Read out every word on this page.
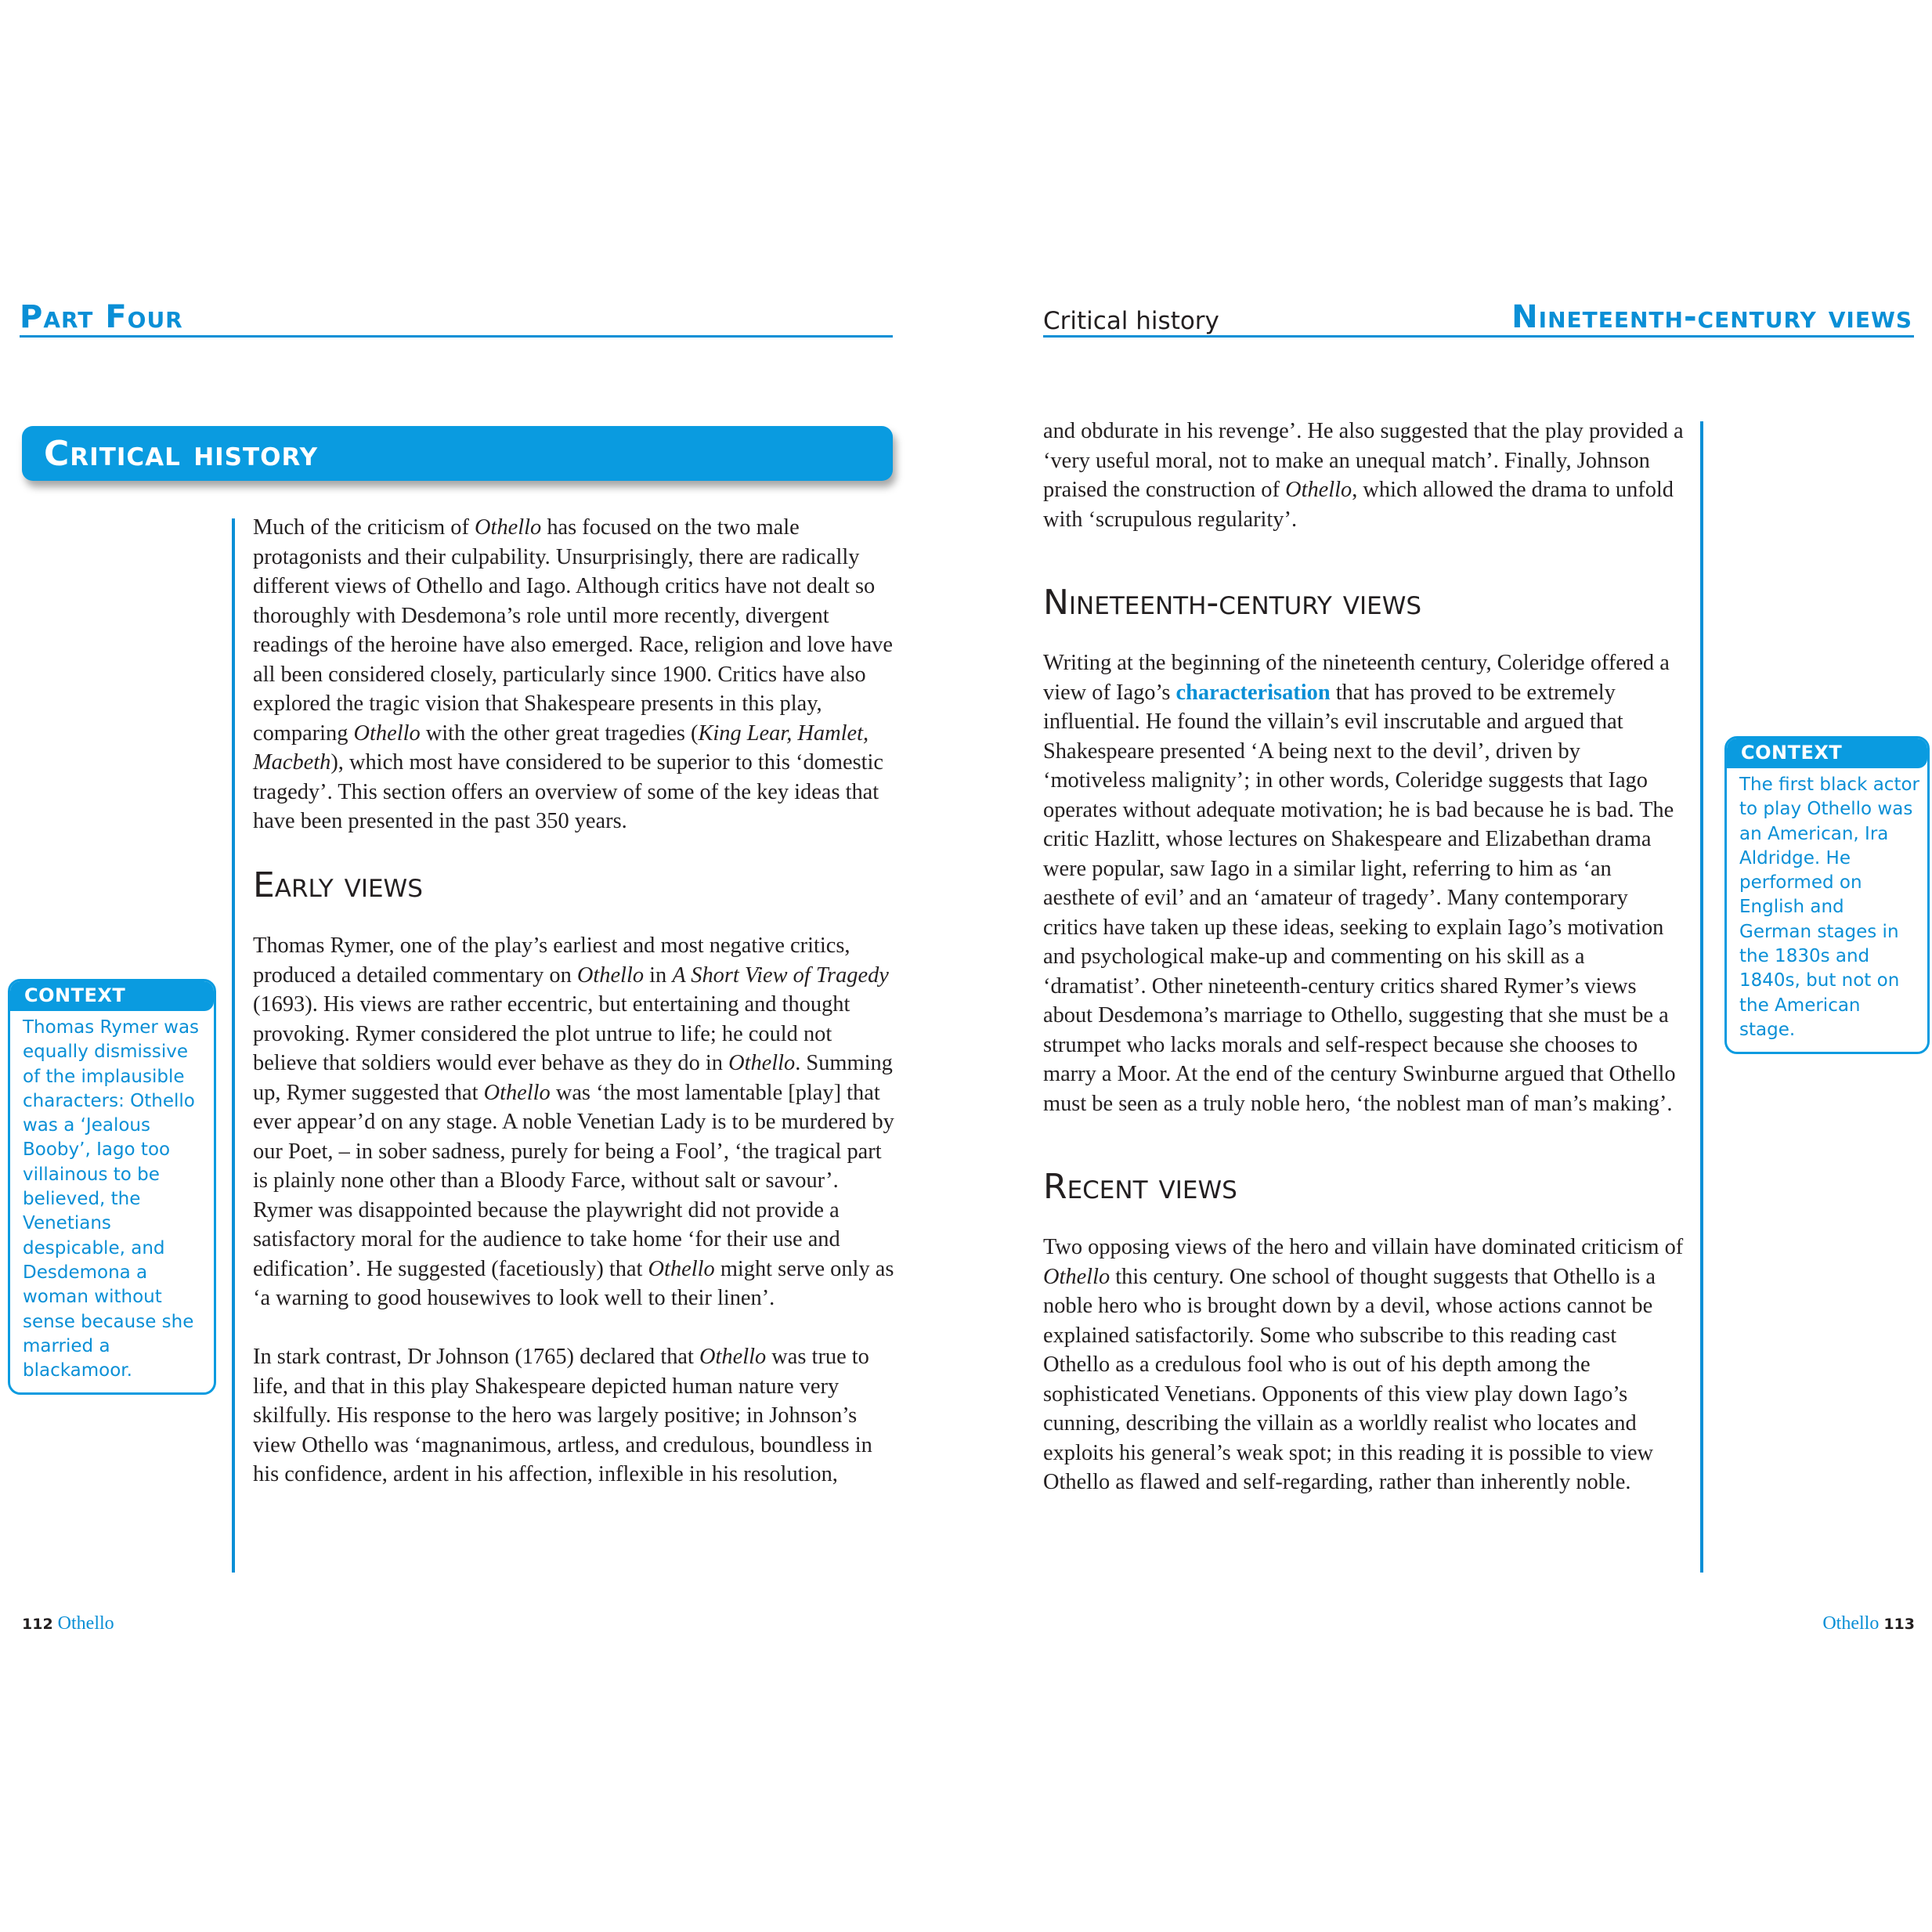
Part Four	Critical history	Nineteenth-century views
Critical history

Much of the criticism of Othello has focused on the two male protagonists and their culpability. Unsurprisingly, there are radically different views of Othello and Iago. Although critics have not dealt so thoroughly with Desdemona’s role until more recently, divergent readings of the heroine have also emerged. Race, religion and love have all been considered closely, particularly since 1900. Critics have also explored the tragic vision that Shakespeare presents in this play, comparing Othello with the other great tragedies (King Lear, Hamlet, Macbeth), which most have considered to be superior to this ‘domestic tragedy’. This section offers an overview of some of the key ideas that have been presented in the past 350 years.

Early views

Thomas Rymer, one of the play’s earliest and most negative critics, produced a detailed commentary on Othello in A Short View of Tragedy (1693). His views are rather eccentric, but entertaining and thought provoking. Rymer considered the plot untrue to life; he could not believe that soldiers would ever behave as they do in Othello. Summing up, Rymer suggested that Othello was ‘the most lamentable [play] that ever appear’d on any stage. A noble Venetian Lady is to be murdered by our Poet, – in sober sadness, purely for being a Fool’, ‘the tragical part is plainly none other than a Bloody Farce, without salt or savour’. Rymer was disappointed because the playwright did not provide a satisfactory moral for the audience to take home ‘for their use and edification’. He suggested (facetiously) that Othello might serve only as ‘a warning to good housewives to look well to their linen’.

In stark contrast, Dr Johnson (1765) declared that Othello was true to life, and that in this play Shakespeare depicted human nature very skilfully. His response to the hero was largely positive; in Johnson’s view Othello was ‘magnanimous, artless, and credulous, boundless in his confidence, ardent in his affection, inflexible in his resolution,

CONTEXT
Thomas Rymer was equally dismissive of the implausible characters: Othello was a ‘Jealous Booby’, Iago too villainous to be believed, the Venetians despicable, and Desdemona a woman without sense because she married a blackamoor.

and obdurate in his revenge’. He also suggested that the play provided a ‘very useful moral, not to make an unequal match’. Finally, Johnson praised the construction of Othello, which allowed the drama to unfold with ‘scrupulous regularity’.

Nineteenth-century views

Writing at the beginning of the nineteenth century, Coleridge offered a view of Iago’s characterisation that has proved to be extremely influential. He found the villain’s evil inscrutable and argued that Shakespeare presented ‘A being next to the devil’, driven by ‘motiveless malignity’; in other words, Coleridge suggests that Iago operates without adequate motivation; he is bad because he is bad. The critic Hazlitt, whose lectures on Shakespeare and Elizabethan drama were popular, saw Iago in a similar light, referring to him as ‘an aesthete of evil’ and an ‘amateur of tragedy’. Many contemporary critics have taken up these ideas, seeking to explain Iago’s motivation and psychological make-up and commenting on his skill as a ‘dramatist’. Other nineteenth-century critics shared Rymer’s views about Desdemona’s marriage to Othello, suggesting that she must be a strumpet who lacks morals and self-respect because she chooses to marry a Moor. At the end of the century Swinburne argued that Othello must be seen as a truly noble hero, ‘the noblest man of man’s making’.

Recent views

Two opposing views of the hero and villain have dominated criticism of Othello this century. One school of thought suggests that Othello is a noble hero who is brought down by a devil, whose actions cannot be explained satisfactorily. Some who subscribe to this reading cast Othello as a credulous fool who is out of his depth among the sophisticated Venetians. Opponents of this view play down Iago’s cunning, describing the villain as a worldly realist who locates and exploits his general’s weak spot; in this reading it is possible to view Othello as flawed and self-regarding, rather than inherently noble.

CONTEXT
The first black actor to play Othello was an American, Ira Aldridge. He performed on English and German stages in the 1830s and 1840s, but not on the American stage.
112 Othello	Othello 113
